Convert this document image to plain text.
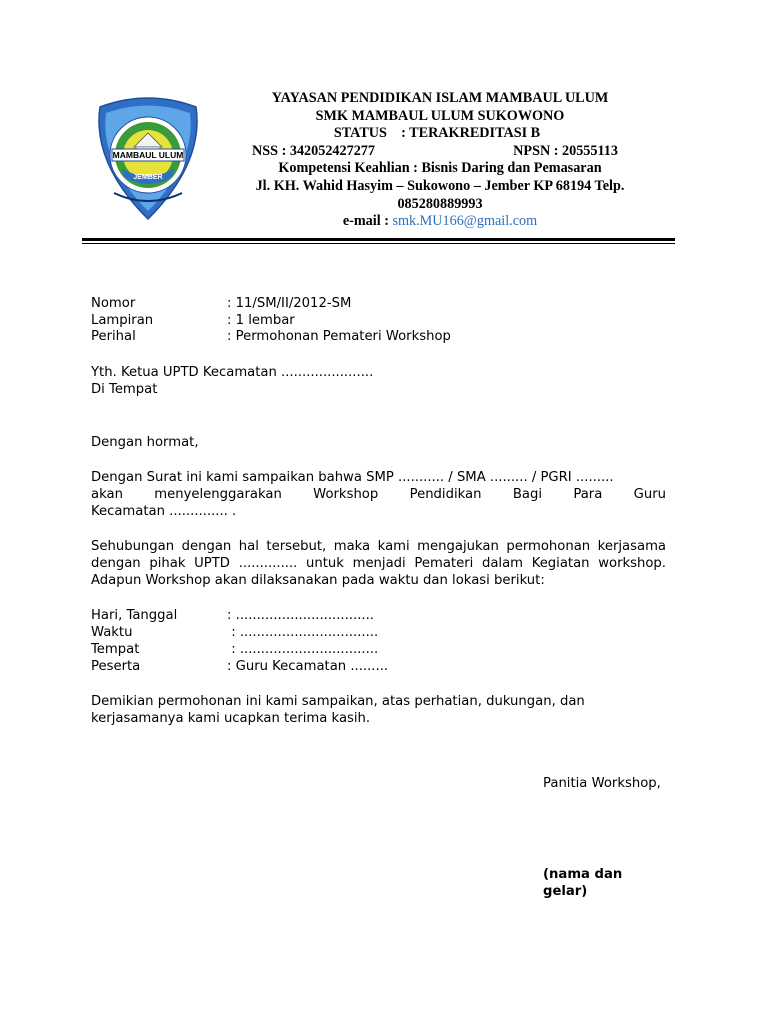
MAMBAUL ULUM
JEMBER
YAYASAN PENDIDIKAN ISLAM MAMBAUL ULUM
SMK MAMBAUL ULUM SUKOWONO
STATUS : TERAKREDITASI B
NSS : 342052427277	NPSN : 20555113
Kompetensi Keahlian : Bisnis Daring dan Pemasaran
Jl. KH. Wahid Hasyim – Sukowono – Jember KP 68194 Telp.
085280889993
e-mail : smk.MU166@gmail.com
Nomor	: 11/SM/II/2012-SM
Lampiran	: 1 lembar
Perihal	: Permohonan Pemateri Workshop
Yth. Ketua UPTD Kecamatan ......................
Di Tempat
Dengan hormat,
Dengan Surat ini kami sampaikan bahwa SMP ........... / SMA ......... / PGRI .........
akan menyelenggarakan Workshop Pendidikan Bagi Para Guru
Kecamatan .............. .
Sehubungan dengan hal tersebut, maka kami mengajukan permohonan kerjasama dengan pihak UPTD .............. untuk menjadi Pemateri dalam Kegiatan workshop. Adapun Workshop akan dilaksanakan pada waktu dan lokasi berikut:
Hari, Tanggal	: .................................
Waktu	: .................................
Tempat	: .................................
Peserta	: Guru Kecamatan .........
Demikian permohonan ini kami sampaikan, atas perhatian, dukungan, dan kerjasamanya kami ucapkan terima kasih.
Panitia Workshop,
(nama dan gelar)
